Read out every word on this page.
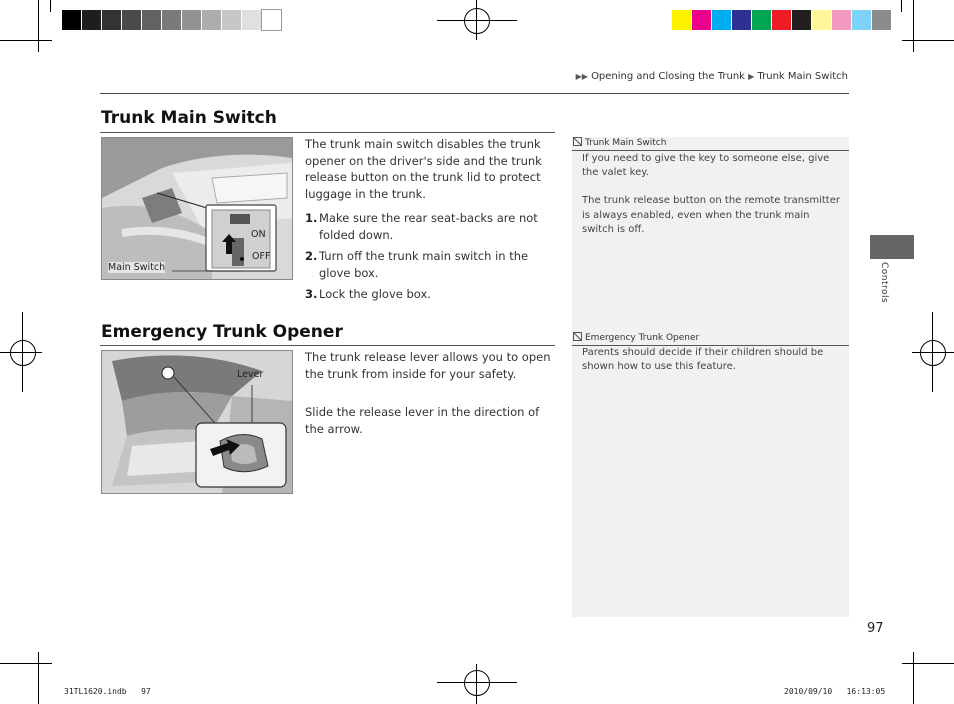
▶▶ Opening and Closing the Trunk ▶ Trunk Main Switch
Trunk Main Switch
ON
OFF
Main Switch

The trunk main switch disables the trunk opener on the driver's side and the trunk release button on the trunk lid to protect luggage in the trunk.

1. Make sure the rear seat-backs are not folded down.
2. Turn off the trunk main switch in the glove box.
3. Lock the glove box.
Emergency Trunk Opener
Lever

The trunk release lever allows you to open the trunk from inside for your safety.

Slide the release lever in the direction of the arrow.

Trunk Main Switch

If you need to give the key to someone else, give the valet key.

The trunk release button on the remote transmitter is always enabled, even when the trunk main switch is off.

Emergency Trunk Opener

Parents should decide if their children should be shown how to use this feature.

Controls
97
31TL1620.indb   97	2010/09/10   16:13:05
